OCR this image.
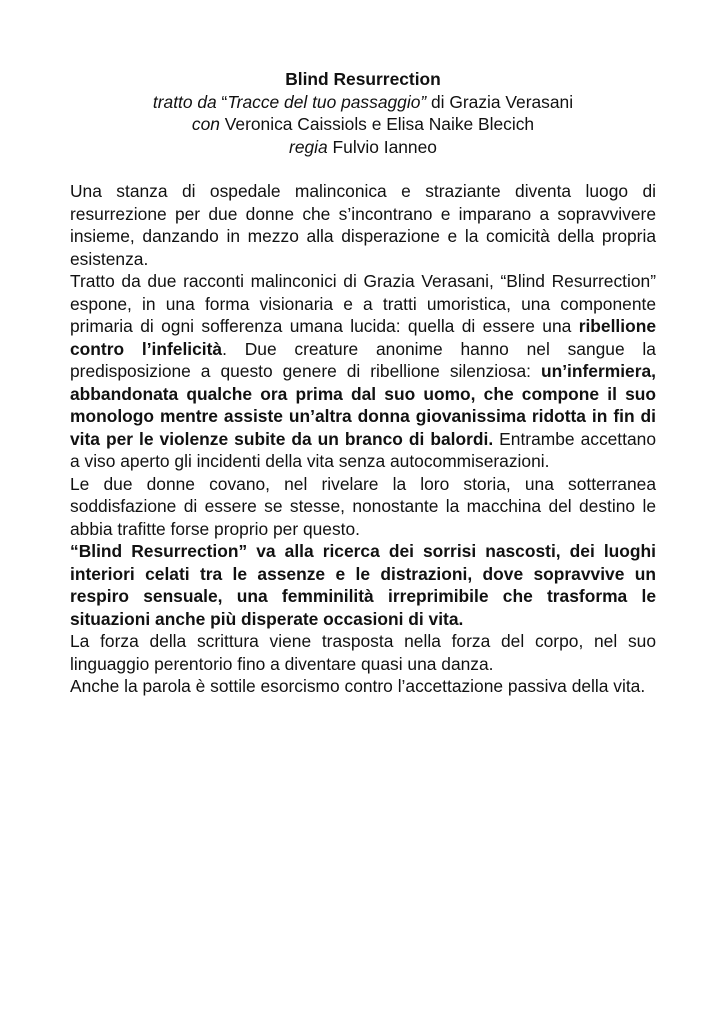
Blind Resurrection
tratto da “Tracce del tuo passaggio” di Grazia Verasani
con Veronica Caissiols e Elisa Naike Blecich
regia Fulvio Ianneo

Una stanza di ospedale malinconica e straziante diventa luogo di resurrezione per due donne che s’incontrano e imparano a sopravvivere insieme, danzando in mezzo alla disperazione e la comicità della propria esistenza.

Tratto da due racconti malinconici di Grazia Verasani, “Blind Resurrection” espone, in una forma visionaria e a tratti umoristica, una componente primaria di ogni sofferenza umana lucida: quella di essere una ribellione contro l’infelicità. Due creature anonime hanno nel sangue la predisposizione a questo genere di ribellione silenziosa: un’infermiera, abbandonata qualche ora prima dal suo uomo, che compone il suo monologo mentre assiste un’altra donna giovanissima ridotta in fin di vita per le violenze subite da un branco di balordi. Entrambe accettano a viso aperto gli incidenti della vita senza autocommiserazioni.

Le due donne covano, nel rivelare la loro storia, una sotterranea soddisfazione di essere se stesse, nonostante la macchina del destino le abbia trafitte forse proprio per questo.

“Blind Resurrection” va alla ricerca dei sorrisi nascosti, dei luoghi interiori celati tra le assenze e le distrazioni, dove sopravvive un respiro sensuale, una femminilità irreprimibile che trasforma le situazioni anche più disperate occasioni di vita.

La forza della scrittura viene trasposta nella forza del corpo, nel suo linguaggio perentorio fino a diventare quasi una danza.

Anche la parola è sottile esorcismo contro l’accettazione passiva della vita.
